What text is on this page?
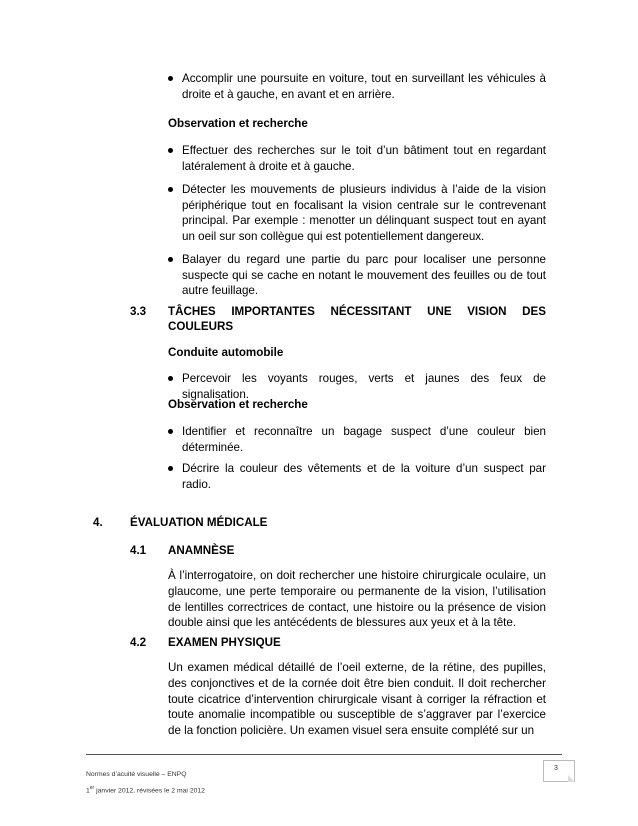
Accomplir une poursuite en voiture, tout en surveillant les véhicules à droite et à gauche, en avant et en arrière.
Observation et recherche
Effectuer des recherches sur le toit d’un bâtiment tout en regardant latéralement à droite et à gauche.
Détecter les mouvements de plusieurs individus à l’aide de la vision périphérique tout en focalisant la vision centrale sur le contrevenant principal. Par exemple : menotter un délinquant suspect tout en ayant un oeil sur son collègue qui est potentiellement dangereux.
Balayer du regard une partie du parc pour localiser une personne suspecte qui se cache en notant le mouvement des feuilles ou de tout autre feuillage.
3.3 TÂCHES IMPORTANTES NÉCESSITANT UNE VISION DES
COULEURS
Conduite automobile
Percevoir les voyants rouges, verts et jaunes des feux de signalisation.
Observation et recherche
Identifier et reconnaître un bagage suspect d’une couleur bien déterminée.
Décrire la couleur des vêtements et de la voiture d’un suspect par radio.
4. ÉVALUATION MÉDICALE
4.1 ANAMNÈSE
À l’interrogatoire, on doit rechercher une histoire chirurgicale oculaire, un glaucome, une perte temporaire ou permanente de la vision, l’utilisation de lentilles correctrices de contact, une histoire ou la présence de vision double ainsi que les antécédents de blessures aux yeux et à la tête.
4.2 EXAMEN PHYSIQUE
Un examen médical détaillé de l’oeil externe, de la rétine, des pupilles, des conjonctives et de la cornée doit être bien conduit. Il doit rechercher toute cicatrice d’intervention chirurgicale visant à corriger la réfraction et toute anomalie incompatible ou susceptible de s’aggraver par l’exercice de la fonction policière. Un examen visuel sera ensuite complété sur un
3
Normes d’acuité visuelle – ENPQ
1er janvier 2012, révisées le 2 mai 2012
